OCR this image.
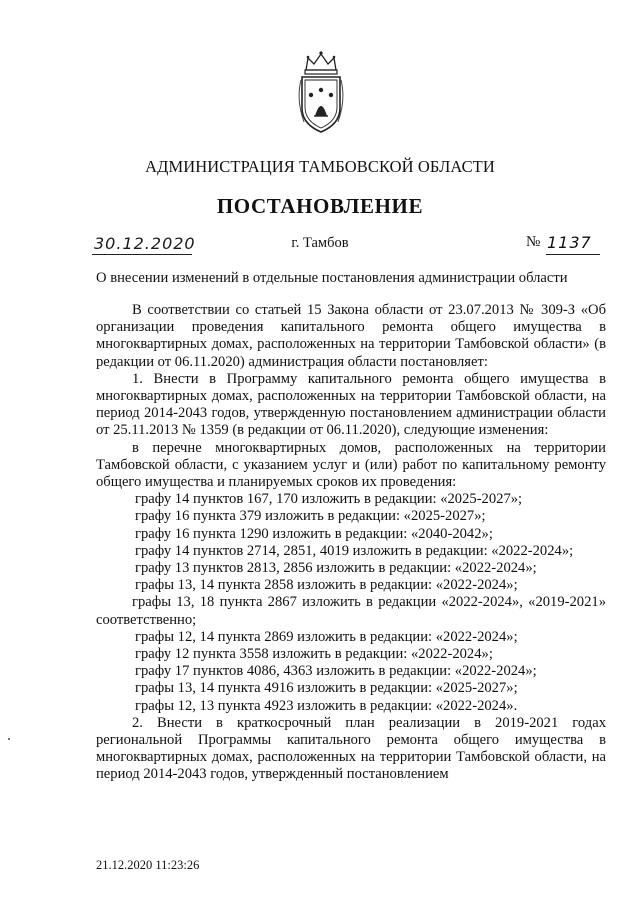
АДМИНИСТРАЦИЯ ТАМБОВСКОЙ ОБЛАСТИ
ПОСТАНОВЛЕНИЕ
30.12.2020	г. Тамбов	№ 1137
О внесении изменений в отдельные постановления администрации области

В соответствии со статьей 15 Закона области от 23.07.2013 № 309-З «Об организации проведения капитального ремонта общего имущества в многоквартирных домах, расположенных на территории Тамбовской области» (в редакции от 06.11.2020) администрация области постановляет:

1. Внести в Программу капитального ремонта общего имущества в многоквартирных домах, расположенных на территории Тамбовской области, на период 2014-2043 годов, утвержденную постановлением администрации области от 25.11.2013 № 1359 (в редакции от 06.11.2020), следующие изменения:

в перечне многоквартирных домов, расположенных на территории Тамбовской области, с указанием услуг и (или) работ по капитальному ремонту общего имущества и планируемых сроков их проведения:

графу 14 пунктов 167, 170 изложить в редакции: «2025-2027»;

графу 16 пункта 379 изложить в редакции: «2025-2027»;

графу 16 пункта 1290 изложить в редакции: «2040-2042»;

графу 14 пунктов 2714, 2851, 4019 изложить в редакции: «2022-2024»;

графу 13 пунктов 2813, 2856 изложить в редакции: «2022-2024»;

графы 13, 14 пункта 2858 изложить в редакции: «2022-2024»;

графы 13, 18 пункта 2867 изложить в редакции «2022-2024», «2019-2021» соответственно;

графы 12, 14 пункта 2869 изложить в редакции: «2022-2024»;

графу 12 пункта 3558 изложить в редакции: «2022-2024»;

графу 17 пунктов 4086, 4363 изложить в редакции: «2022-2024»;

графы 13, 14 пункта 4916 изложить в редакции: «2025-2027»;

графы 12, 13 пункта 4923 изложить в редакции: «2022-2024».

2. Внести в краткосрочный план реализации в 2019-2021 годах региональной Программы капитального ремонта общего имущества в многоквартирных домах, расположенных на территории Тамбовской области, на период 2014-2043 годов, утвержденный постановлением

21.12.2020 11:23:26
